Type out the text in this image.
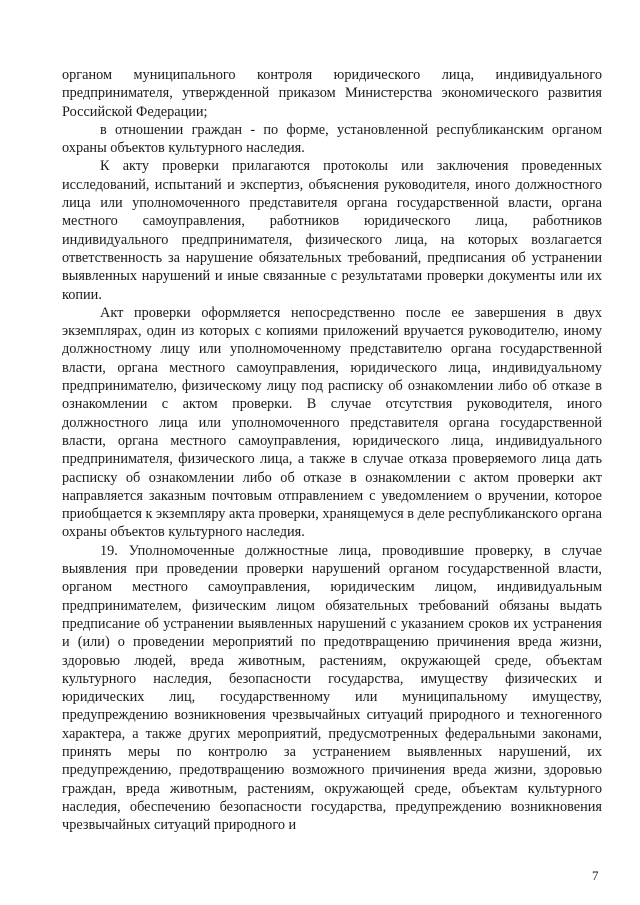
органом муниципального контроля юридического лица, индивидуального предпринимателя, утвержденной приказом Министерства экономического развития Российской Федерации;

в отношении граждан - по форме, установленной республиканским органом охраны объектов культурного наследия.

К акту проверки прилагаются протоколы или заключения проведенных исследований, испытаний и экспертиз, объяснения руководителя, иного должностного лица или уполномоченного представителя органа государственной власти, органа местного самоуправления, работников юридического лица, работников индивидуального предпринимателя, физического лица, на которых возлагается ответственность за нарушение обязательных требований, предписания об устранении выявленных нарушений и иные связанные с результатами проверки документы или их копии.

Акт проверки оформляется непосредственно после ее завершения в двух экземплярах, один из которых с копиями приложений вручается руководителю, иному должностному лицу или уполномоченному представителю органа государственной власти, органа местного самоуправления, юридического лица, индивидуальному предпринимателю, физическому лицу под расписку об ознакомлении либо об отказе в ознакомлении с актом проверки. В случае отсутствия руководителя, иного должностного лица или уполномоченного представителя органа государственной власти, органа местного самоуправления, юридического лица, индивидуального предпринимателя, физического лица, а также в случае отказа проверяемого лица дать расписку об ознакомлении либо об отказе в ознакомлении с актом проверки акт направляется заказным почтовым отправлением с уведомлением о вручении, которое приобщается к экземпляру акта проверки, хранящемуся в деле республиканского органа охраны объектов культурного наследия.

19. Уполномоченные должностные лица, проводившие проверку, в случае выявления при проведении проверки нарушений органом государственной власти, органом местного самоуправления, юридическим лицом, индивидуальным предпринимателем, физическим лицом обязательных требований обязаны выдать предписание об устранении выявленных нарушений с указанием сроков их устранения и (или) о проведении мероприятий по предотвращению причинения вреда жизни, здоровью людей, вреда животным, растениям, окружающей среде, объектам культурного наследия, безопасности государства, имуществу физических и юридических лиц, государственному или муниципальному имуществу, предупреждению возникновения чрезвычайных ситуаций природного и техногенного характера, а также других мероприятий, предусмотренных федеральными законами, принять меры по контролю за устранением выявленных нарушений, их предупреждению, предотвращению возможного причинения вреда жизни, здоровью граждан, вреда животным, растениям, окружающей среде, объектам культурного наследия, обеспечению безопасности государства, предупреждению возникновения чрезвычайных ситуаций природного и

7
